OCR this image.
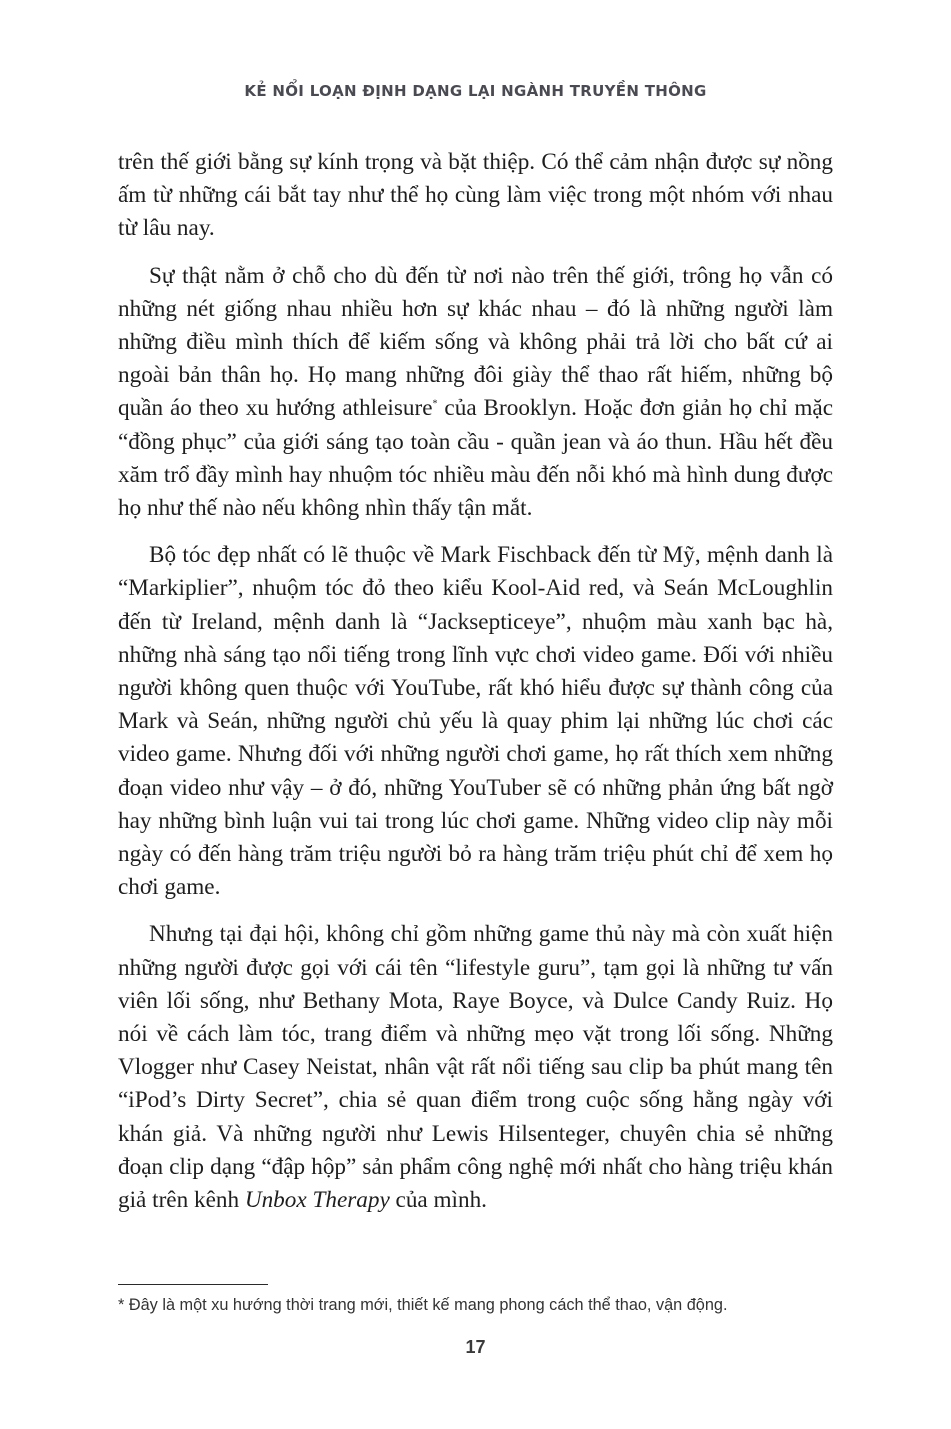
KẺ NỔI LOẠN ĐỊNH DẠNG LẠI NGÀNH TRUYỀN THÔNG

trên thế giới bằng sự kính trọng và bặt thiệp. Có thể cảm nhận được sự nồng ấm từ những cái bắt tay như thể họ cùng làm việc trong một nhóm với nhau từ lâu nay.

Sự thật nằm ở chỗ cho dù đến từ nơi nào trên thế giới, trông họ vẫn có những nét giống nhau nhiều hơn sự khác nhau – đó là những người làm những điều mình thích để kiếm sống và không phải trả lời cho bất cứ ai ngoài bản thân họ. Họ mang những đôi giày thể thao rất hiếm, những bộ quần áo theo xu hướng athleisure* của Brooklyn. Hoặc đơn giản họ chỉ mặc “đồng phục” của giới sáng tạo toàn cầu - quần jean và áo thun. Hầu hết đều xăm trổ đầy mình hay nhuộm tóc nhiều màu đến nỗi khó mà hình dung được họ như thế nào nếu không nhìn thấy tận mắt.

Bộ tóc đẹp nhất có lẽ thuộc về Mark Fischback đến từ Mỹ, mệnh danh là “Markiplier”, nhuộm tóc đỏ theo kiểu Kool-Aid red, và Seán McLoughlin đến từ Ireland, mệnh danh là “Jacksepticeye”, nhuộm màu xanh bạc hà, những nhà sáng tạo nổi tiếng trong lĩnh vực chơi video game. Đối với nhiều người không quen thuộc với YouTube, rất khó hiểu được sự thành công của Mark và Seán, những người chủ yếu là quay phim lại những lúc chơi các video game. Nhưng đối với những người chơi game, họ rất thích xem những đoạn video như vậy – ở đó, những YouTuber sẽ có những phản ứng bất ngờ hay những bình luận vui tai trong lúc chơi game. Những video clip này mỗi ngày có đến hàng trăm triệu người bỏ ra hàng trăm triệu phút chỉ để xem họ chơi game.

Nhưng tại đại hội, không chỉ gồm những game thủ này mà còn xuất hiện những người được gọi với cái tên “lifestyle guru”, tạm gọi là những tư vấn viên lối sống, như Bethany Mota, Raye Boyce, và Dulce Candy Ruiz. Họ nói về cách làm tóc, trang điểm và những mẹo vặt trong lối sống. Những Vlogger như Casey Neistat, nhân vật rất nổi tiếng sau clip ba phút mang tên “iPod’s Dirty Secret”, chia sẻ quan điểm trong cuộc sống hằng ngày với khán giả. Và những người như Lewis Hilsenteger, chuyên chia sẻ những đoạn clip dạng “đập hộp” sản phẩm công nghệ mới nhất cho hàng triệu khán giả trên kênh Unbox Therapy của mình.

* Đây là một xu hướng thời trang mới, thiết kế mang phong cách thể thao, vận động.
17
